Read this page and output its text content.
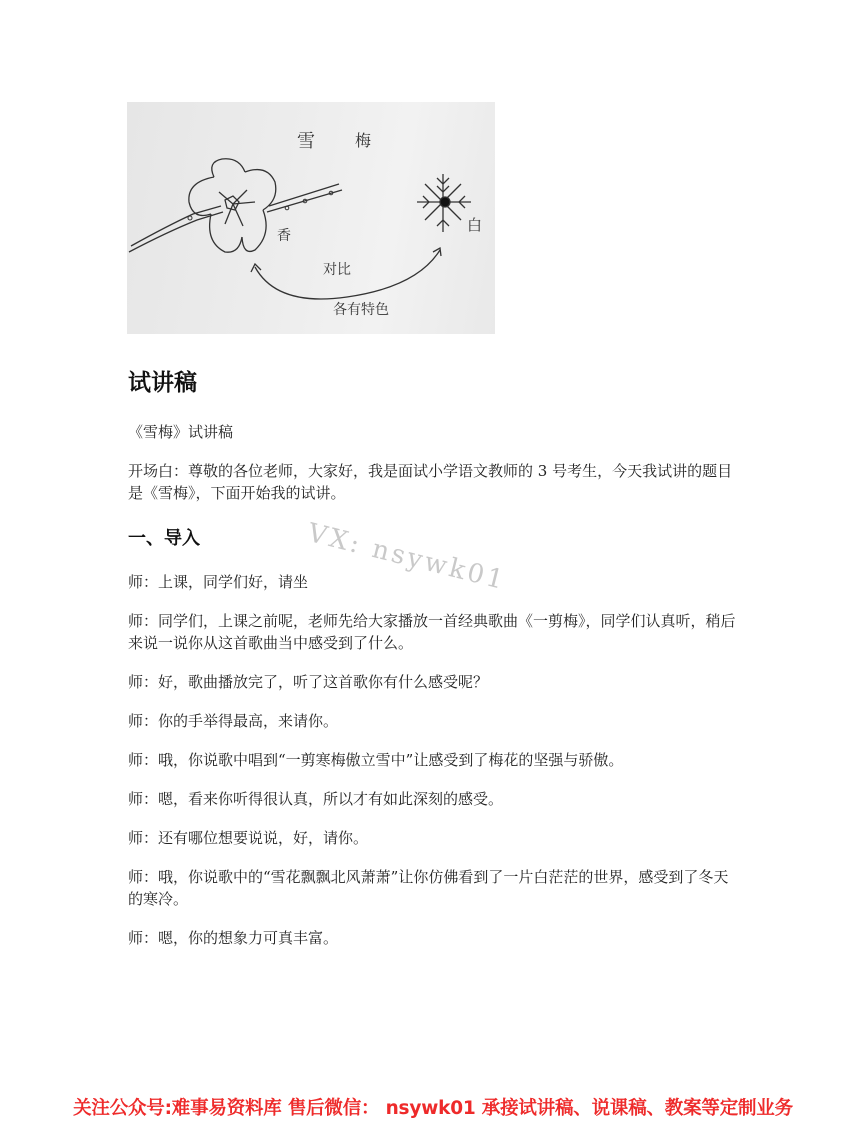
雪	梅
香
白
对比
各有特色
试讲稿

《雪梅》试讲稿

开场白：尊敬的各位老师，大家好，我是面试小学语文教师的 3 号考生，今天我试讲的题目是《雪梅》，下面开始我的试讲。

一、导入	VX: nsywk01

师：上课，同学们好，请坐

师：同学们，上课之前呢，老师先给大家播放一首经典歌曲《一剪梅》，同学们认真听，稍后来说一说你从这首歌曲当中感受到了什么。

师：好，歌曲播放完了，听了这首歌你有什么感受呢？

师：你的手举得最高，来请你。

师：哦，你说歌中唱到“一剪寒梅傲立雪中”让感受到了梅花的坚强与骄傲。

师：嗯，看来你听得很认真，所以才有如此深刻的感受。

师：还有哪位想要说说，好，请你。

师：哦，你说歌中的“雪花飘飘北风萧萧”让你仿佛看到了一片白茫茫的世界，感受到了冬天的寒冷。

师：嗯，你的想象力可真丰富。

关注公众号:难事易资料库 售后微信： nsywk01 承接试讲稿、说课稿、教案等定制业务
